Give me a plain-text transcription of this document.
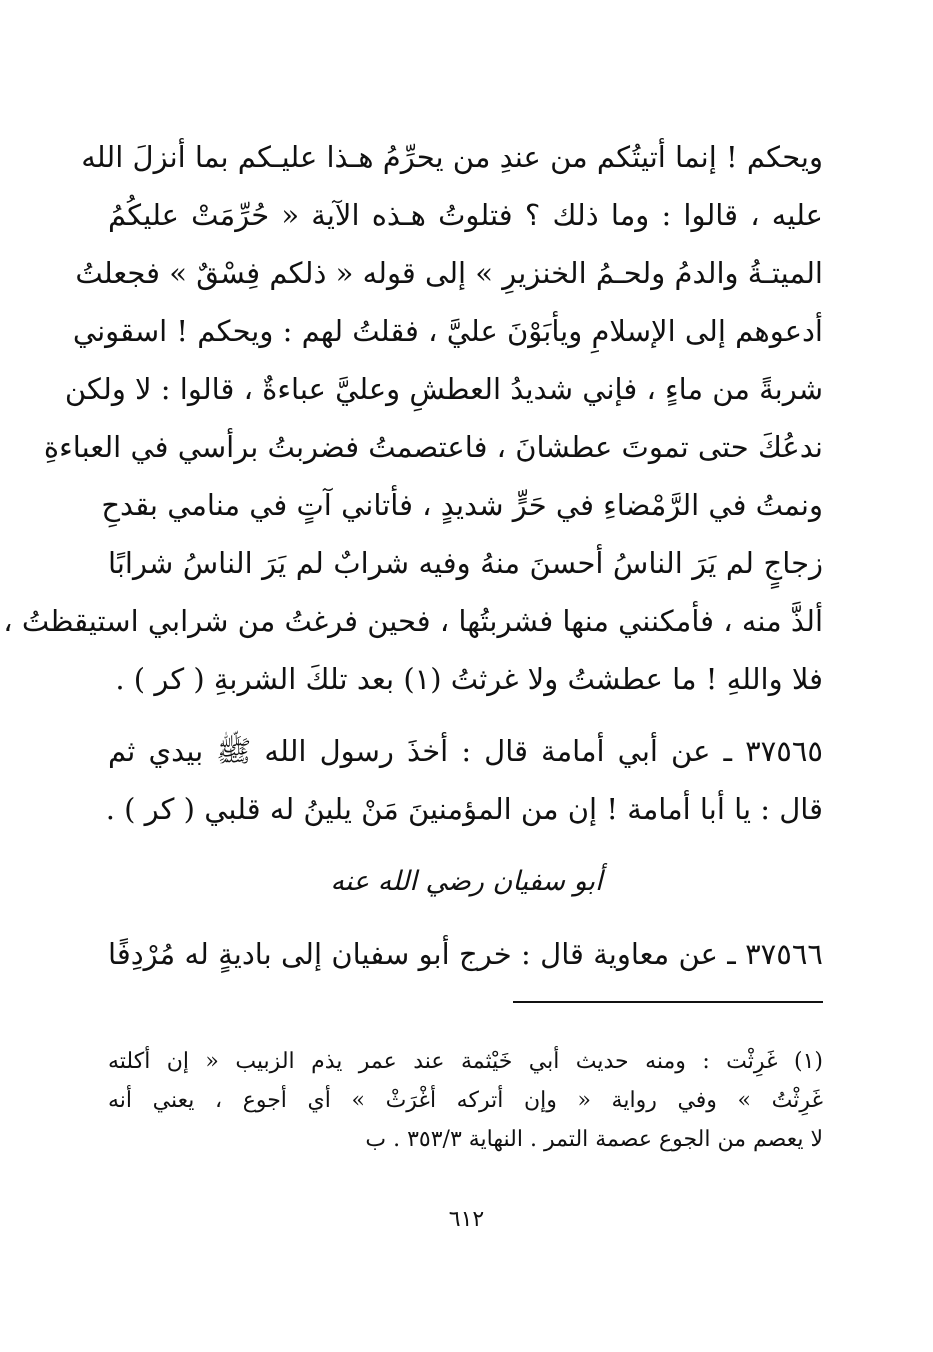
ويحكم ! إنما أتيتُكم من عندِ من يحرِّمُ هـذا عليـكم بما أنزلَ الله
عليه ، قالوا : وما ذلك ؟ فتلوتُ هـذه الآية « حُرِّمَتْ عليكُمُ
الميتـةُ والدمُ ولحـمُ الخنزيرِ » إلى قوله « ذلكم فِسْقٌ » فجعلتُ
أدعوهم إلى الإسلامِ ويأبَوْنَ عليَّ ، فقلتُ لهم : ويحكم ! اسقوني
شربةً من ماءٍ ، فإني شديدُ العطشِ وعليَّ عباءةٌ ، قالوا : لا ولكن
ندعُكَ حتى تموتَ عطشانَ ، فاعتصمتُ فضربتُ برأسي في العباءةِ
ونمتُ في الرَّمْضاءِ في حَرٍّ شديدٍ ، فأتاني آتٍ في منامي بقدحِ
زجاجٍ لم يَرَ الناسُ أحسنَ منهُ وفيه شرابٌ لم يَرَ الناسُ شرابًا
ألذَّ منه ، فأمكنني منها فشربتُها ، فحين فرغتُ من شرابي استيقظتُ ،
فلا واللهِ ! ما عطشتُ ولا غرثتُ (١) بعد تلكَ الشربةِ ( كر ) .
٣٧٥٦٥ ـ عن أبي أمامة قال : أخذَ رسول الله ﷺ بيدي ثم
قال : يا أبا أمامة ! إن من المؤمنينَ مَنْ يلينُ له قلبي ( كر ) .
أبو سفيان رضي الله عنه
٣٧٥٦٦ ـ عن معاوية قال : خرج أبو سفيان إلى باديةٍ له مُرْدِفًا
(١) غَرِثْت : ومنه حديث أبي خَيْثمة عند عمر يذم الزبيب « إن أكلته
غَرِثْتُ » وفي رواية « وإن أتركه أغْرَثْ » أي أجوع ، يعني أنه
لا يعصم من الجوع عصمة التمر . النهاية ٣٥٣/٣ . ب
٦١٢
